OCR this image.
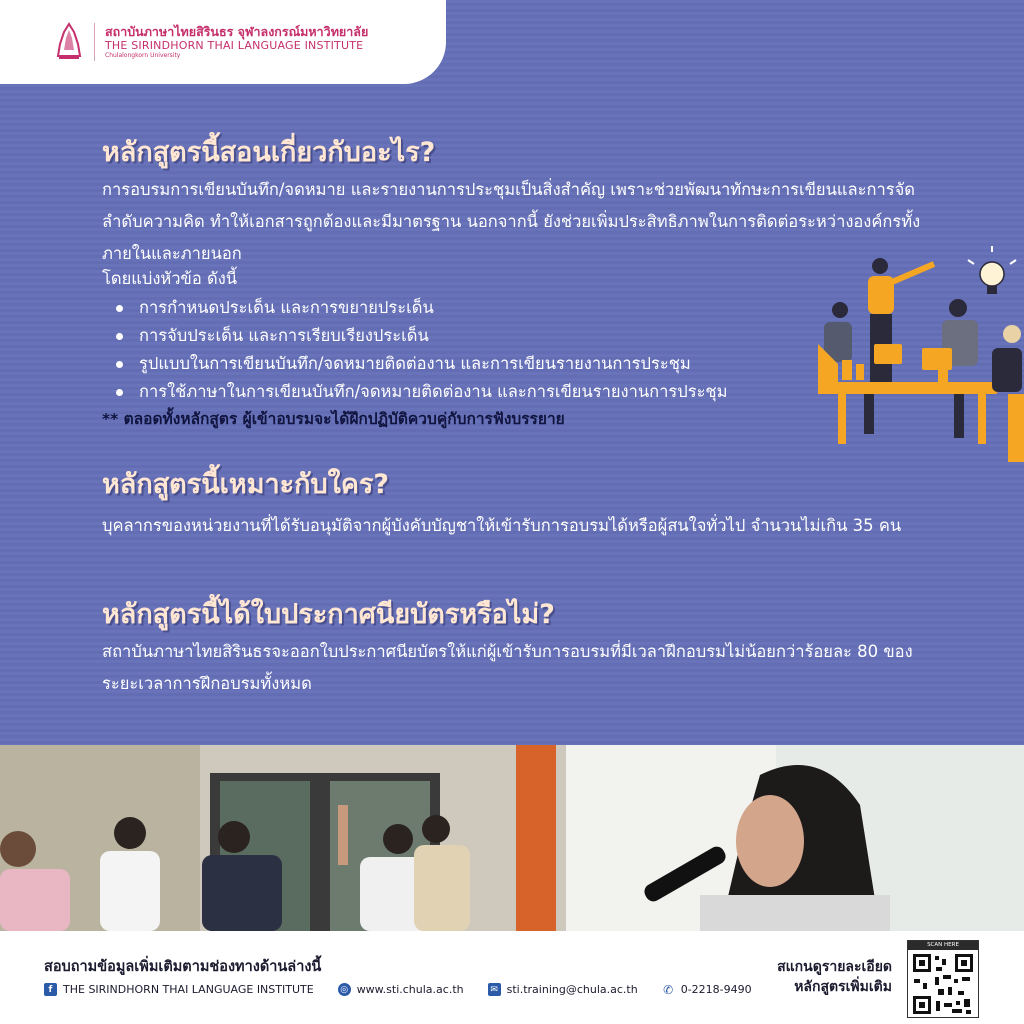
สถาบันภาษาไทยสิรินธร จุฬาลงกรณ์มหาวิทยาลัย
THE SIRINDHORN THAI LANGUAGE INSTITUTE
Chulalongkorn University
หลักสูตรนี้สอนเกี่ยวกับอะไร?
การอบรมการเขียนบันทึก/จดหมาย และรายงานการประชุมเป็นสิ่งสำคัญ เพราะช่วยพัฒนาทักษะการเขียนและการจัดลำดับความคิด ทำให้เอกสารถูกต้องและมีมาตรฐาน นอกจากนี้ ยังช่วยเพิ่มประสิทธิภาพในการติดต่อระหว่างองค์กรทั้งภายในและภายนอก
โดยแบ่งหัวข้อ ดังนี้
การกำหนดประเด็น และการขยายประเด็น
การจับประเด็น และการเรียบเรียงประเด็น
รูปแบบในการเขียนบันทึก/จดหมายติดต่องาน และการเขียนรายงานการประชุม
การใช้ภาษาในการเขียนบันทึก/จดหมายติดต่องาน และการเขียนรายงานการประชุม
** ตลอดทั้งหลักสูตร ผู้เข้าอบรมจะได้ฝึกปฏิบัติควบคู่กับการฟังบรรยาย
หลักสูตรนี้เหมาะกับใคร?
บุคลากรของหน่วยงานที่ได้รับอนุมัติจากผู้บังคับบัญชาให้เข้ารับการอบรมได้หรือผู้สนใจทั่วไป จำนวนไม่เกิน 35 คน
หลักสูตรนี้ได้ใบประกาศนียบัตรหรือไม่?
สถาบันภาษาไทยสิรินธรจะออกใบประกาศนียบัตรให้แก่ผู้เข้ารับการอบรมที่มีเวลาฝึกอบรมไม่น้อยกว่าร้อยละ 80 ของระยะเวลาการฝึกอบรมทั้งหมด
สอบถามข้อมูลเพิ่มเติมตามช่องทางด้านล่างนี้
f THE SIRINDHORN THAI LANGUAGE INSTITUTE	◎ www.sti.chula.ac.th	✉ sti.training@chula.ac.th ✆ 0-2218-9490
สแกนดูรายละเอียด
หลักสูตรเพิ่มเติม
SCAN HERE
